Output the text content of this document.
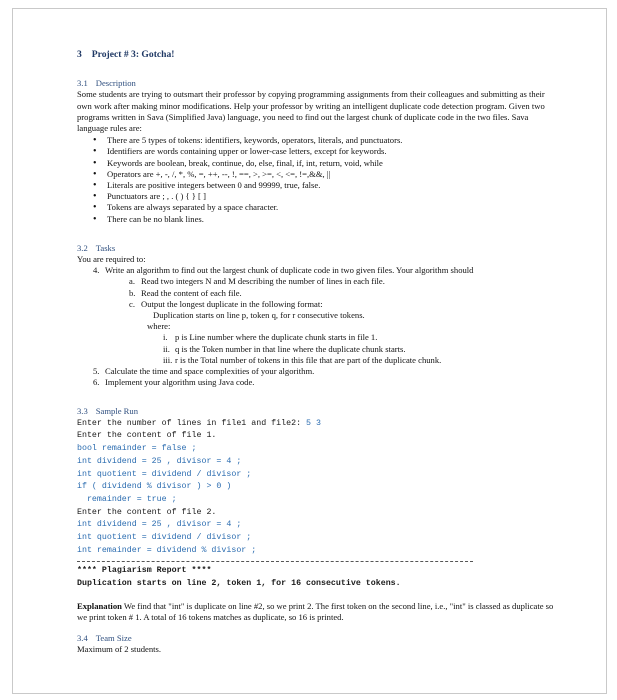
3 Project # 3: Gotcha!
3.1 Description

Some students are trying to outsmart their professor by copying programming assignments from their colleagues and submitting as their own work after making minor modifications. Help your professor by writing an intelligent duplicate code detection program. Given two programs written in Sava (Simplified Java) language, you need to find out the largest chunk of duplicate code in the two files. Sava language rules are:

• There are 5 types of tokens: identifiers, keywords, operators, literals, and punctuators.
• Identifiers are words containing upper or lower-case letters, except for keywords.
• Keywords are boolean, break, continue, do, else, final, if, int, return, void, while
• Operators are +, -, /, *, %, =, ++, --, !, ==, >, >=, <, <=, !=,&&, ||
• Literals are positive integers between 0 and 99999, true, false.
• Punctuators are ; , . ( ) { } [ ]
• Tokens are always separated by a space character.
• There can be no blank lines.
3.2 Tasks

You are required to:

4. Write an algorithm to find out the largest chunk of duplicate code in two given files. Your algorithm should

a. Read two integers N and M describing the number of lines in each file.

b. Read the content of each file.

c. Output the longest duplicate in the following format:

Duplication starts on line p, token q, for r consecutive tokens.

where:

i. p is Line number where the duplicate chunk starts in file 1.

ii. q is the Token number in that line where the duplicate chunk starts.

iii. r is the Total number of tokens in this file that are part of the duplicate chunk.

5. Calculate the time and space complexities of your algorithm.

6. Implement your algorithm using Java code.

3.3 Sample Run
Enter the number of lines in file1 and file2: 5 3
Enter the content of file 1.
bool remainder = false ;
int dividend = 25 , divisor = 4 ;
int quotient = dividend / divisor ;
if ( dividend % divisor ) > 0 )
remainder = true ;
Enter the content of file 2.
int dividend = 25 , divisor = 4 ;
int quotient = dividend / divisor ;
int remainder = dividend % divisor ;
**** Plagiarism Report ****
Duplication starts on line 2, token 1, for 16 consecutive tokens.

Explanation We find that "int" is duplicate on line #2, so we print 2. The first token on the second line, i.e., "int" is classed as duplicate so we print token # 1. A total of 16 tokens matches as duplicate, so 16 is printed.

3.4 Team Size

Maximum of 2 students.
